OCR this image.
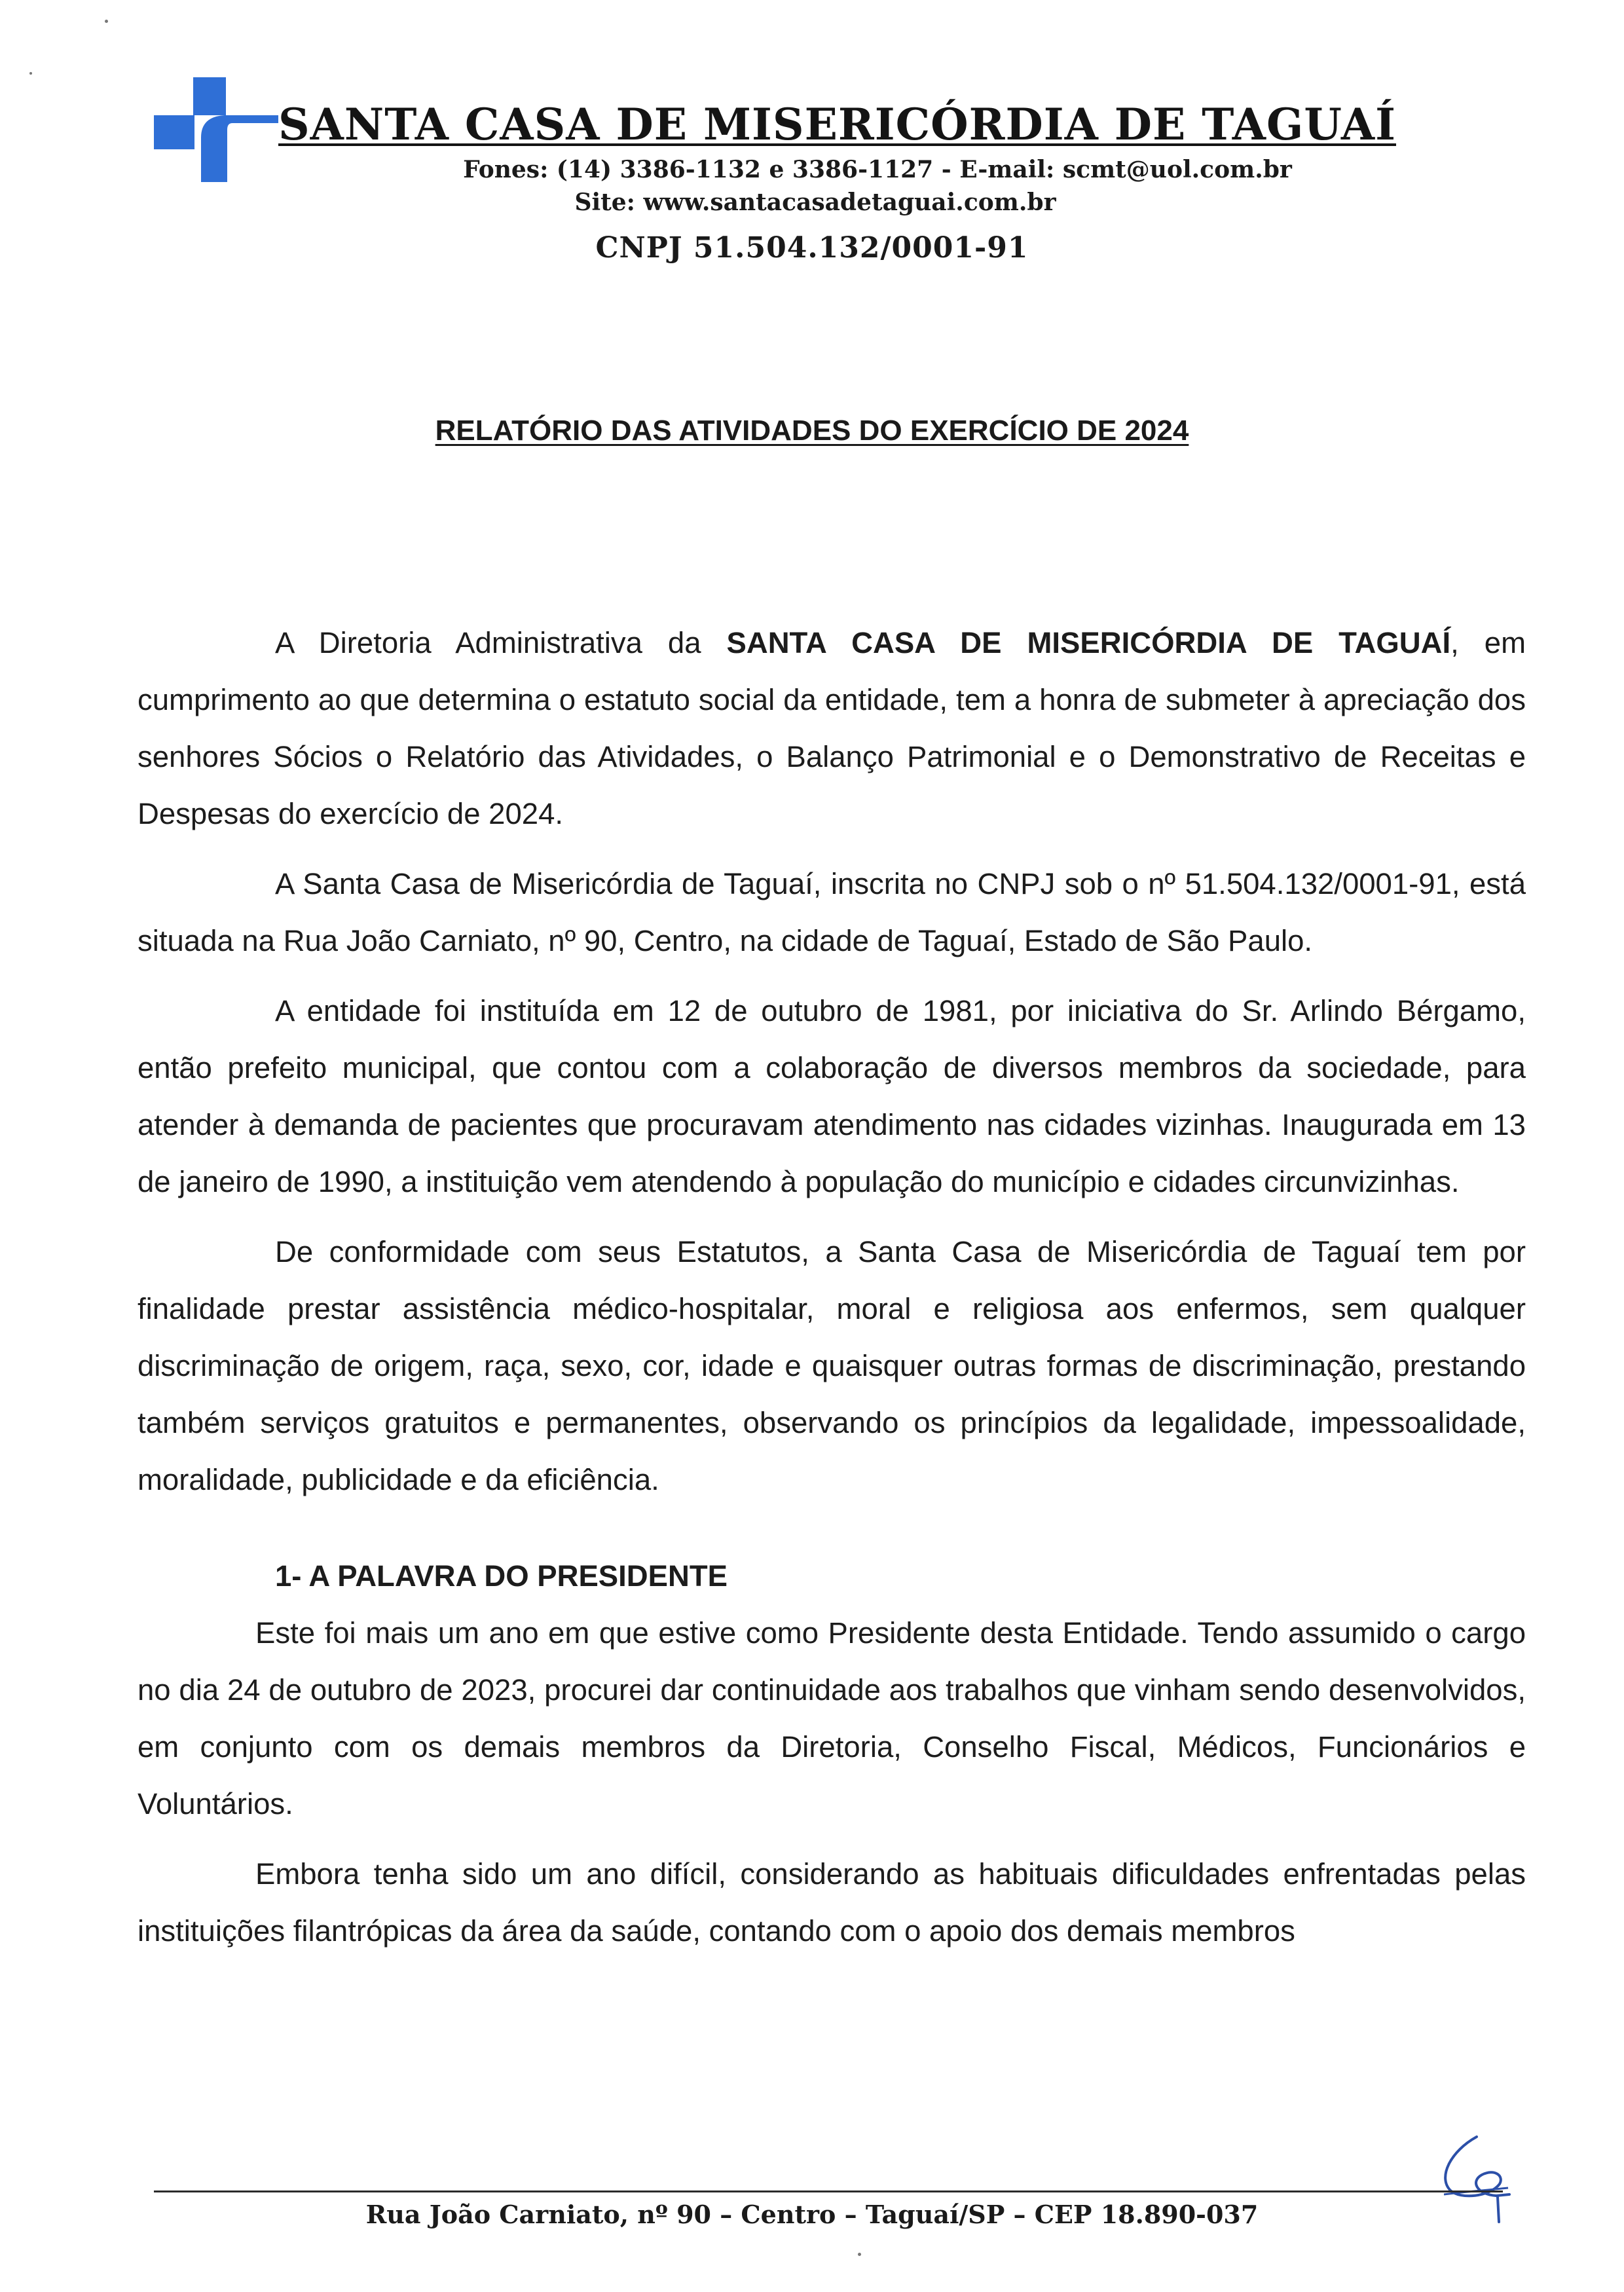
SANTA CASA DE MISERICÓRDIA DE TAGUAÍ
Fones: (14) 3386-1132 e 3386-1127 - E-mail: scmt@uol.com.br
Site: www.santacasadetaguai.com.br
CNPJ 51.504.132/0001-91
RELATÓRIO DAS ATIVIDADES DO EXERCÍCIO DE 2024

A Diretoria Administrativa da SANTA CASA DE MISERICÓRDIA DE TAGUAÍ, em cumprimento ao que determina o estatuto social da entidade, tem a honra de submeter à apreciação dos senhores Sócios o Relatório das Atividades, o Balanço Patrimonial e o Demonstrativo de Receitas e Despesas do exercício de 2024.

A Santa Casa de Misericórdia de Taguaí, inscrita no CNPJ sob o nº 51.504.132/0001-91, está situada na Rua João Carniato, nº 90, Centro, na cidade de Taguaí, Estado de São Paulo.

A entidade foi instituída em 12 de outubro de 1981, por iniciativa do Sr. Arlindo Bérgamo, então prefeito municipal, que contou com a colaboração de diversos membros da sociedade, para atender à demanda de pacientes que procuravam atendimento nas cidades vizinhas. Inaugurada em 13 de janeiro de 1990, a instituição vem atendendo à população do município e cidades circunvizinhas.

De conformidade com seus Estatutos, a Santa Casa de Misericórdia de Taguaí tem por finalidade prestar assistência médico-hospitalar, moral e religiosa aos enfermos, sem qualquer discriminação de origem, raça, sexo, cor, idade e quaisquer outras formas de discriminação, prestando também serviços gratuitos e permanentes, observando os princípios da legalidade, impessoalidade, moralidade, publicidade e da eficiência.

1- A PALAVRA DO PRESIDENTE

Este foi mais um ano em que estive como Presidente desta Entidade. Tendo assumido o cargo no dia 24 de outubro de 2023, procurei dar continuidade aos trabalhos que vinham sendo desenvolvidos, em conjunto com os demais membros da Diretoria, Conselho Fiscal, Médicos, Funcionários e Voluntários.

Embora tenha sido um ano difícil, considerando as habituais dificuldades enfrentadas pelas instituições filantrópicas da área da saúde, contando com o apoio dos demais membros

Rua João Carniato, nº 90 – Centro – Taguaí/SP – CEP 18.890-037
